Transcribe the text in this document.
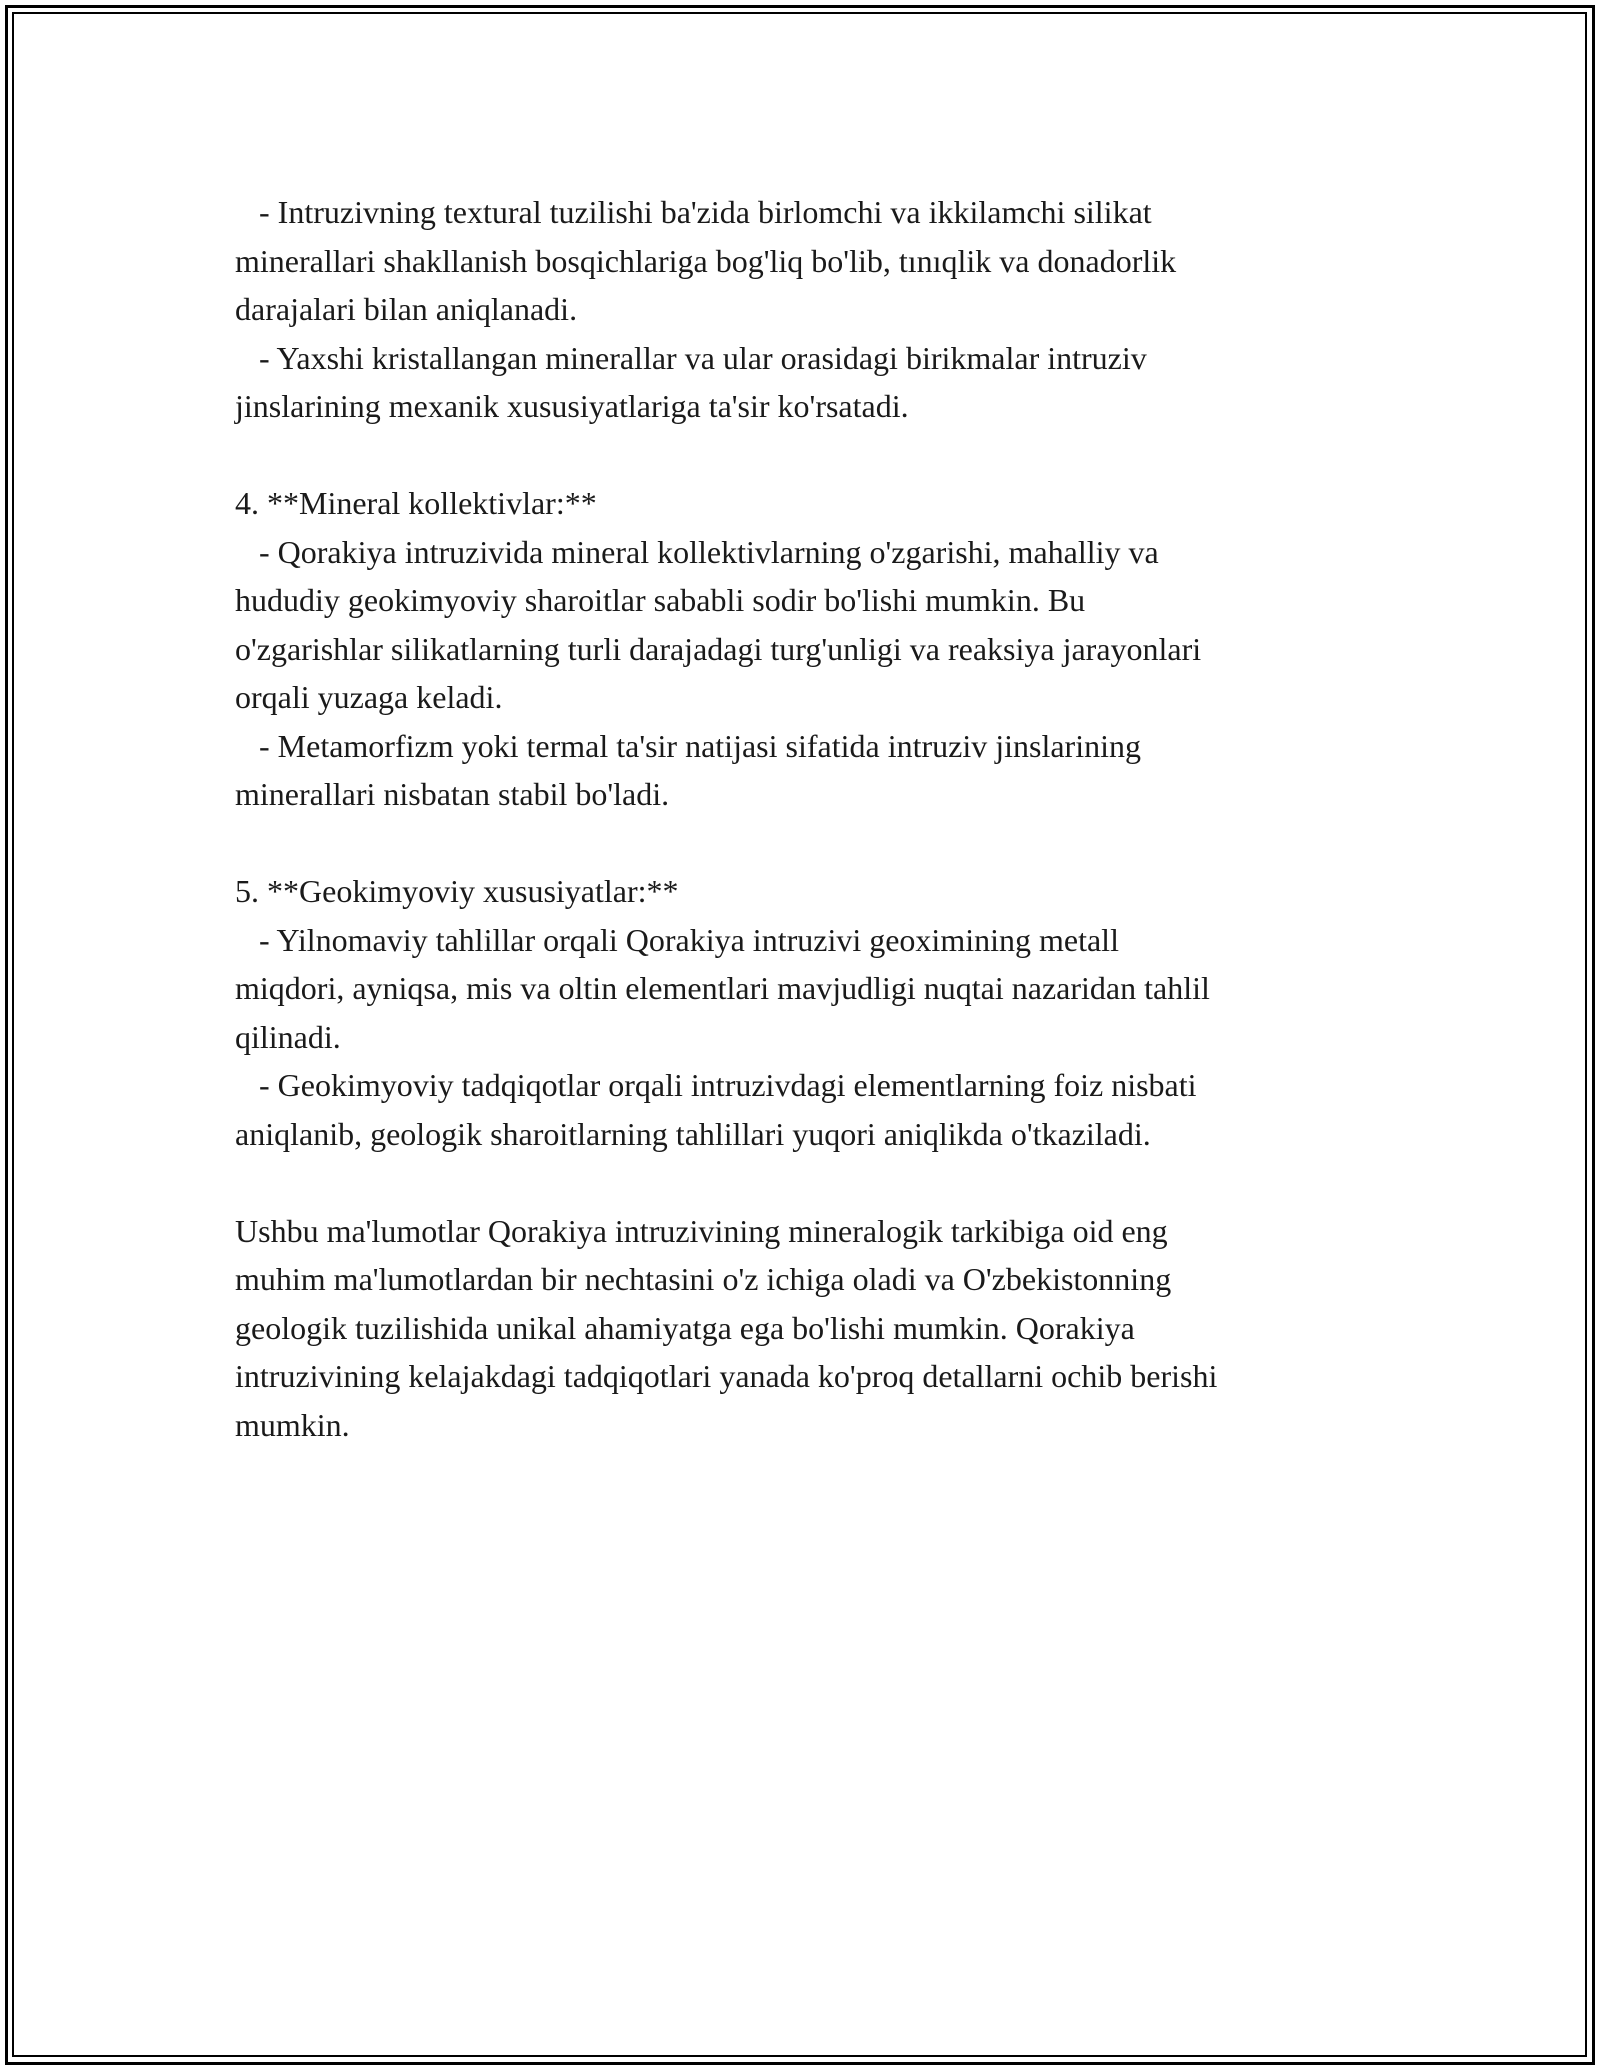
- Intruzivning textural tuzilishi ba'zida birlomchi va ikkilamchi silikat
minerallari shakllanish bosqichlariga bog'liq bo'lib, tınıqlik va donadorlik
darajalari bilan aniqlanadi.
- Yaxshi kristallangan minerallar va ular orasidagi birikmalar intruziv
jinslarining mexanik xususiyatlariga ta'sir ko'rsatadi.
4. **Mineral kollektivlar:**
- Qorakiya intruzivida mineral kollektivlarning o'zgarishi, mahalliy va
hududiy geokimyoviy sharoitlar sababli sodir bo'lishi mumkin. Bu
o'zgarishlar silikatlarning turli darajadagi turg'unligi va reaksiya jarayonlari
orqali yuzaga keladi.
- Metamorfizm yoki termal ta'sir natijasi sifatida intruziv jinslarining
minerallari nisbatan stabil bo'ladi.
5. **Geokimyoviy xususiyatlar:**
- Yilnomaviy tahlillar orqali Qorakiya intruzivi geoximining metall
miqdori, ayniqsa, mis va oltin elementlari mavjudligi nuqtai nazaridan tahlil
qilinadi.
- Geokimyoviy tadqiqotlar orqali intruzivdagi elementlarning foiz nisbati
aniqlanib, geologik sharoitlarning tahlillari yuqori aniqlikda o'tkaziladi.
Ushbu ma'lumotlar Qorakiya intruzivining mineralogik tarkibiga oid eng
muhim ma'lumotlardan bir nechtasini o'z ichiga oladi va O'zbekistonning
geologik tuzilishida unikal ahamiyatga ega bo'lishi mumkin. Qorakiya
intruzivining kelajakdagi tadqiqotlari yanada ko'proq detallarni ochib berishi
mumkin.
